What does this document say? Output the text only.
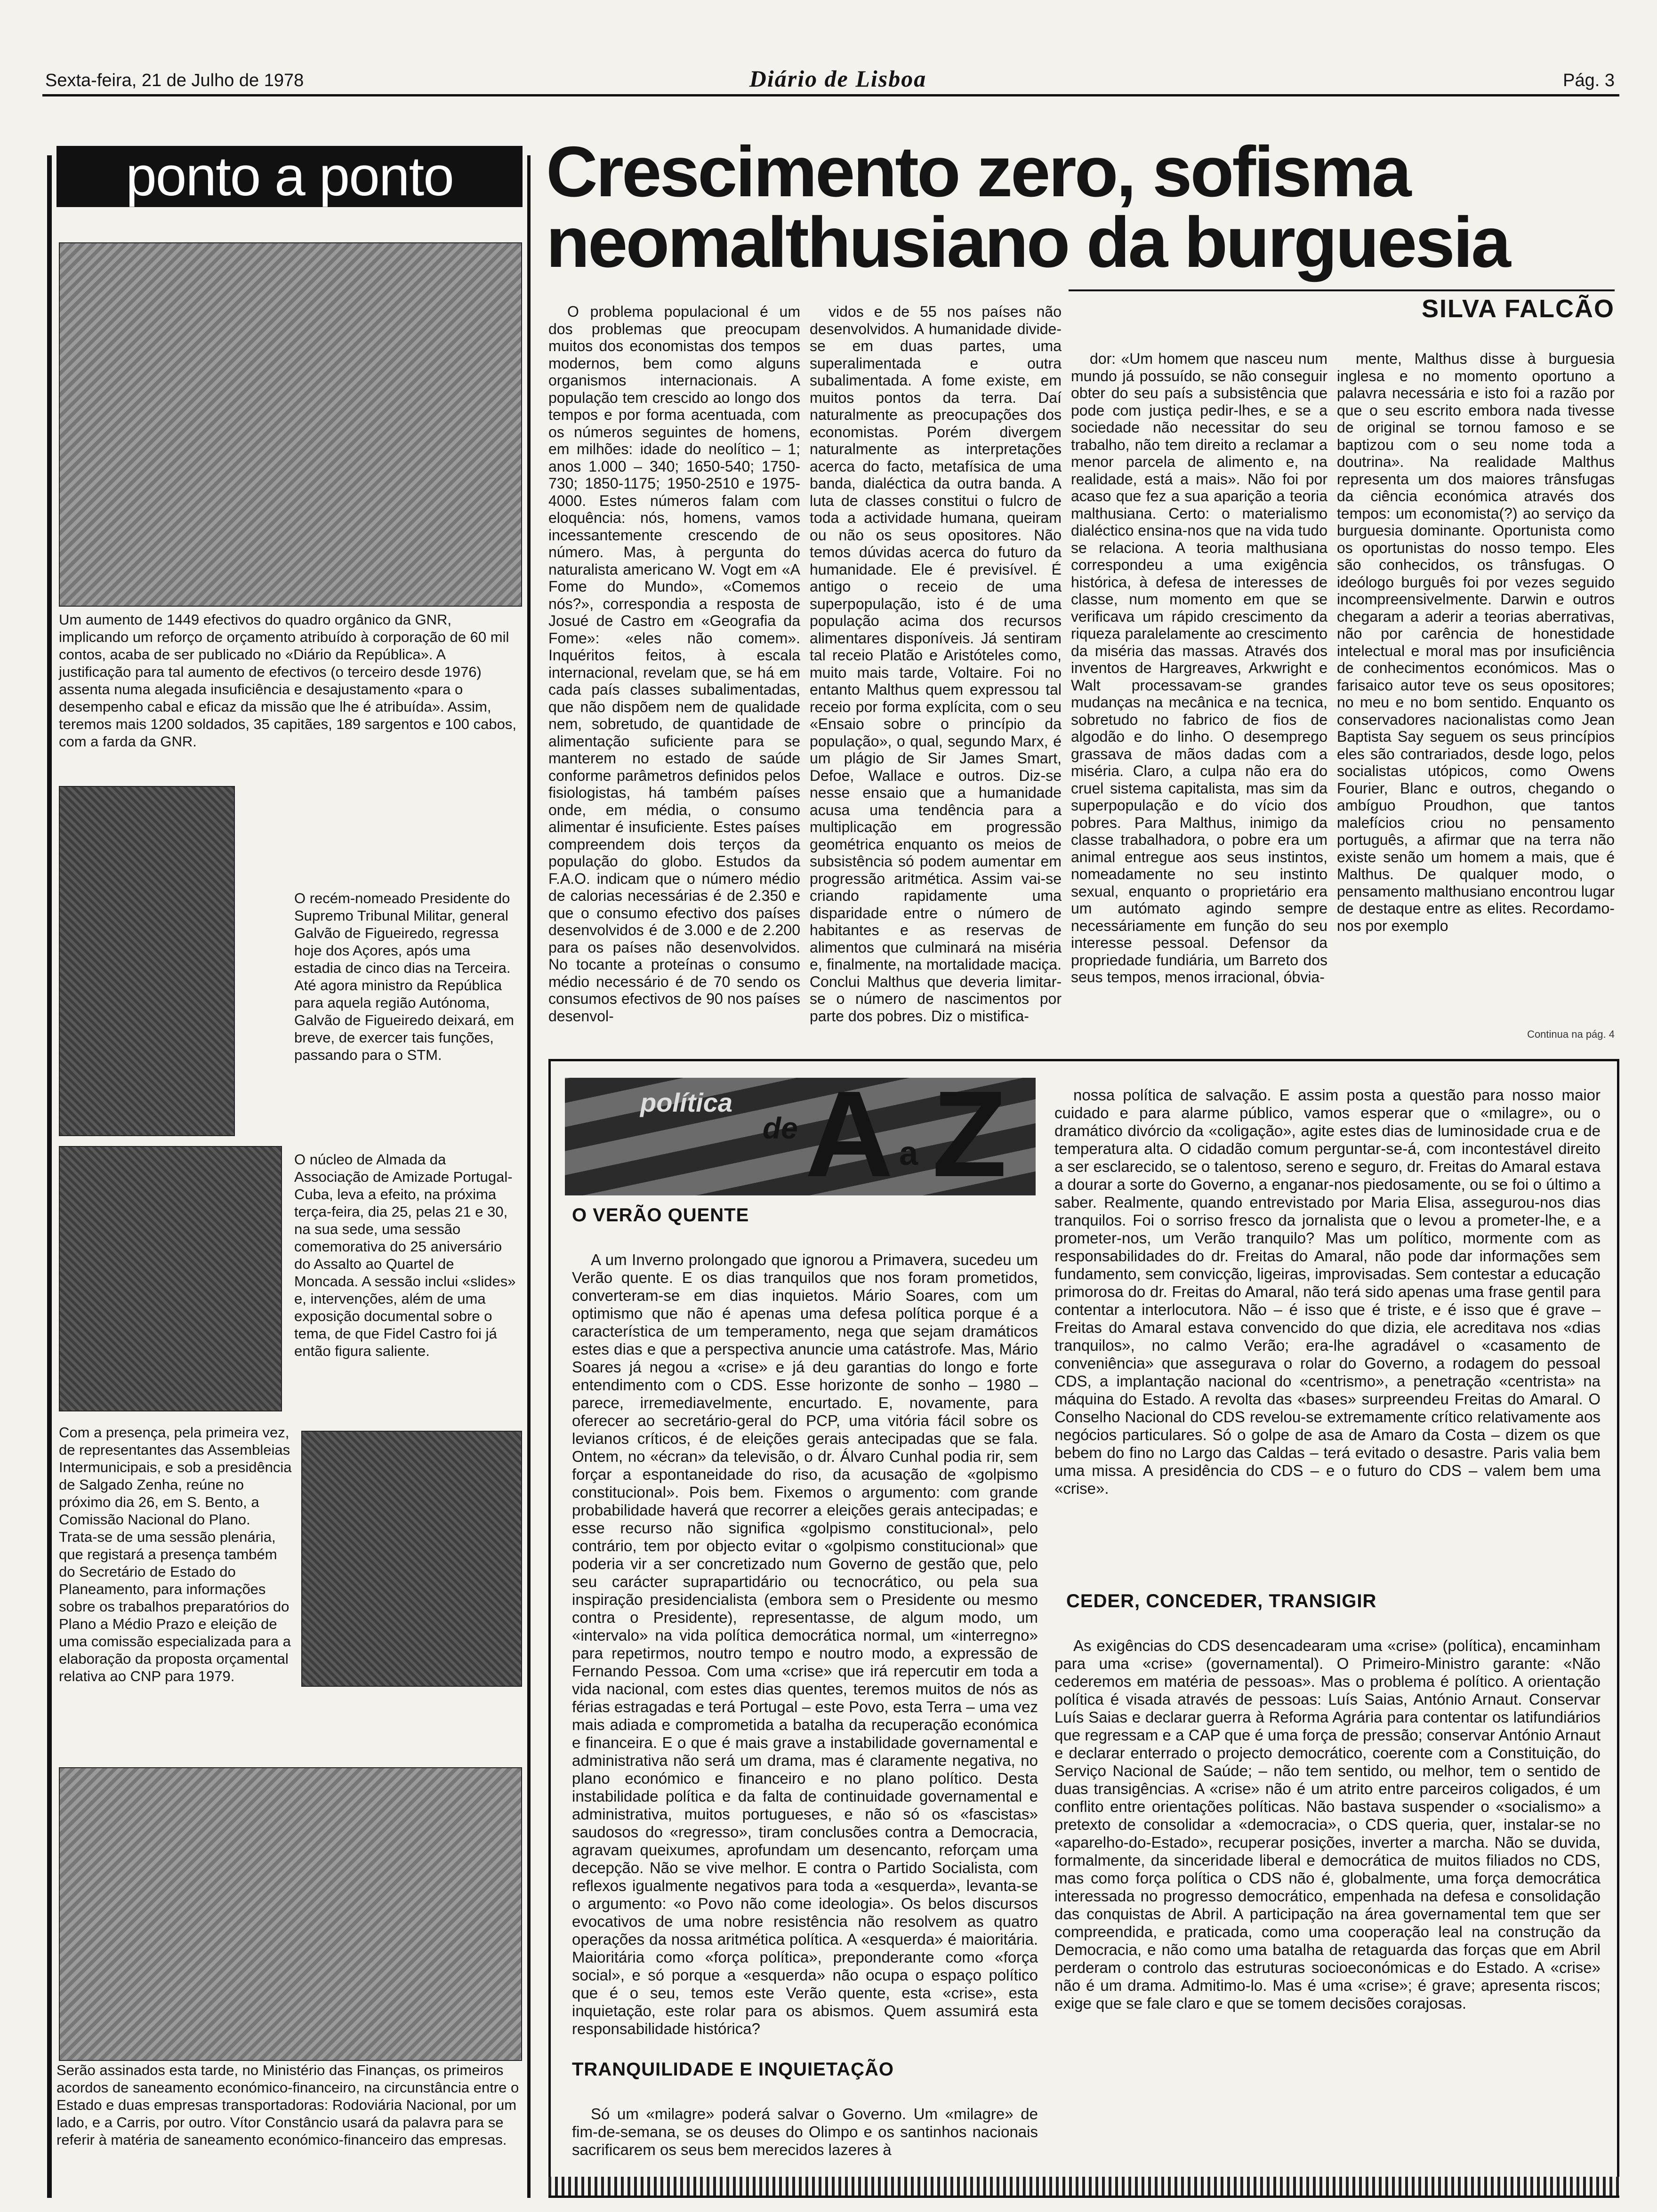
Sexta-feira, 21 de Julho de 1978	Diário de Lisboa	Pág. 3
ponto a ponto
Um aumento de 1449 efectivos do quadro orgânico da GNR, implicando um reforço de orçamento atribuído à corporação de 60 mil contos, acaba de ser publicado no «Diário da República». A justificação para tal aumento de efectivos (o terceiro desde 1976) assenta numa alegada insuficiência e desajustamento «para o desempenho cabal e eficaz da missão que lhe é atribuída». Assim, teremos mais 1200 soldados, 35 capitães, 189 sargentos e 100 cabos, com a farda da GNR.
O recém-nomeado Presidente do Supremo Tribunal Militar, general Galvão de Figueiredo, regressa hoje dos Açores, após uma estadia de cinco dias na Terceira. Até agora ministro da República para aquela região Autónoma, Galvão de Figueiredo deixará, em breve, de exercer tais funções, passando para o STM.
O núcleo de Almada da Associação de Amizade Portugal-Cuba, leva a efeito, na próxima terça-feira, dia 25, pelas 21 e 30, na sua sede, uma sessão comemorativa do 25 aniversário do Assalto ao Quartel de Moncada. A sessão inclui «slides» e, intervenções, além de uma exposição documental sobre o tema, de que Fidel Castro foi já então figura saliente.
Com a presença, pela primeira vez, de representantes das Assembleias Intermunicipais, e sob a presidência de Salgado Zenha, reúne no próximo dia 26, em S. Bento, a Comissão Nacional do Plano. Trata-se de uma sessão plenária, que registará a presença também do Secretário de Estado do Planeamento, para informações sobre os trabalhos preparatórios do Plano a Médio Prazo e eleição de uma comissão especializada para a elaboração da proposta orçamental relativa ao CNP para 1979.
Serão assinados esta tarde, no Ministério das Finanças, os primeiros acordos de saneamento económico-financeiro, na circunstância entre o Estado e duas empresas transportadoras: Rodoviária Nacional, por um lado, e a Carris, por outro. Vítor Constâncio usará da palavra para se referir à matéria de saneamento económico-financeiro das empresas.
Crescimento zero, sofisma
neomalthusiano da burguesia
SILVA FALCÃO

O problema populacional é um dos problemas que preocupam muitos dos economistas dos tempos modernos, bem como alguns organismos internacionais. A população tem crescido ao longo dos tempos e por forma acentuada, com os números seguintes de homens, em milhões: idade do neolítico – 1; anos 1.000 – 340; 1650-540; 1750-730; 1850-1175; 1950-2510 e 1975-4000. Estes números falam com eloquência: nós, homens, vamos incessantemente crescendo de número. Mas, à pergunta do naturalista americano W. Vogt em «A Fome do Mundo», «Comemos nós?», correspondia a resposta de Josué de Castro em «Geografia da Fome»: «eles não comem». Inquéritos feitos, à escala internacional, revelam que, se há em cada país classes subalimentadas, que não dispõem nem de qualidade nem, sobretudo, de quantidade de alimentação suficiente para se manterem no estado de saúde conforme parâmetros definidos pelos fisiologistas, há também países onde, em média, o consumo alimentar é insuficiente. Estes países compreendem dois terços da população do globo. Estudos da F.A.O. indicam que o número médio de calorias necessárias é de 2.350 e que o consumo efectivo dos países desenvolvidos é de 3.000 e de 2.200 para os países não desenvolvidos. No tocante a proteínas o consumo médio necessário é de 70 sendo os consumos efectivos de 90 nos países desenvol-

vidos e de 55 nos países não desenvolvidos. A humanidade divide-se em duas partes, uma superalimentada e outra subalimentada. A fome existe, em muitos pontos da terra. Daí naturalmente as preocupações dos economistas. Porém divergem naturalmente as interpretações acerca do facto, metafísica de uma banda, dialéctica da outra banda. A luta de classes constitui o fulcro de toda a actividade humana, queiram ou não os seus opositores. Não temos dúvidas acerca do futuro da humanidade. Ele é previsível. É antigo o receio de uma superpopulação, isto é de uma população acima dos recursos alimentares disponíveis. Já sentiram tal receio Platão e Aristóteles como, muito mais tarde, Voltaire. Foi no entanto Malthus quem expressou tal receio por forma explícita, com o seu «Ensaio sobre o princípio da população», o qual, segundo Marx, é um plágio de Sir James Smart, Defoe, Wallace e outros. Diz-se nesse ensaio que a humanidade acusa uma tendência para a multiplicação em progressão geométrica enquanto os meios de subsistência só podem aumentar em progressão aritmética. Assim vai-se criando rapidamente uma disparidade entre o número de habitantes e as reservas de alimentos que culminará na miséria e, finalmente, na mortalidade maciça. Conclui Malthus que deveria limitar-se o número de nascimentos por parte dos pobres. Diz o mistifica-

dor: «Um homem que nasceu num mundo já possuído, se não conseguir obter do seu país a subsistência que pode com justiça pedir-lhes, e se a sociedade não necessitar do seu trabalho, não tem direito a reclamar a menor parcela de alimento e, na realidade, está a mais». Não foi por acaso que fez a sua aparição a teoria malthusiana. Certo: o materialismo dialéctico ensina-nos que na vida tudo se relaciona. A teoria malthusiana correspondeu a uma exigência histórica, à defesa de interesses de classe, num momento em que se verificava um rápido crescimento da riqueza paralelamente ao crescimento da miséria das massas. Através dos inventos de Hargreaves, Arkwright e Walt processavam-se grandes mudanças na mecânica e na tecnica, sobretudo no fabrico de fios de algodão e do linho. O desemprego grassava de mãos dadas com a miséria. Claro, a culpa não era do cruel sistema capitalista, mas sim da superpopulação e do vício dos pobres. Para Malthus, inimigo da classe trabalhadora, o pobre era um animal entregue aos seus instintos, nomeadamente no seu instinto sexual, enquanto o proprietário era um autómato agindo sempre necessáriamente em função do seu interesse pessoal. Defensor da propriedade fundiária, um Barreto dos seus tempos, menos irracional, óbvia-

mente, Malthus disse à burguesia inglesa e no momento oportuno a palavra necessária e isto foi a razão por que o seu escrito embora nada tivesse de original se tornou famoso e se baptizou com o seu nome toda a doutrina». Na realidade Malthus representa um dos maiores trânsfugas da ciência económica através dos tempos: um economista(?) ao serviço da burguesia dominante. Oportunista como os oportunistas do nosso tempo. Eles são conhecidos, os trânsfugas. O ideólogo burguês foi por vezes seguido incompreensivelmente. Darwin e outros chegaram a aderir a teorias aberrativas, não por carência de honestidade intelectual e moral mas por insuficiência de conhecimentos económicos. Mas o farisaico autor teve os seus opositores; no meu e no bom sentido. Enquanto os conservadores nacionalistas como Jean Baptista Say seguem os seus princípios eles são contrariados, desde logo, pelos socialistas utópicos, como Owens Fourier, Blanc e outros, chegando o ambíguo Proudhon, que tantos malefícios criou no pensamento português, a afirmar que na terra não existe senão um homem a mais, que é Malthus. De qualquer modo, o pensamento malthusiano encontrou lugar de destaque entre as elites. Recordamo-nos por exemplo

Continua na pág. 4
política
de A a Z
O VERÃO QUENTE

A um Inverno prolongado que ignorou a Primavera, sucedeu um Verão quente. E os dias tranquilos que nos foram prometidos, converteram-se em dias inquietos. Mário Soares, com um optimismo que não é apenas uma defesa política porque é a característica de um temperamento, nega que sejam dramáticos estes dias e que a perspectiva anuncie uma catástrofe. Mas, Mário Soares já negou a «crise» e já deu garantias do longo e forte entendimento com o CDS. Esse horizonte de sonho – 1980 – parece, irremediavelmente, encurtado. E, novamente, para oferecer ao secretário-geral do PCP, uma vitória fácil sobre os levianos críticos, é de eleições gerais antecipadas que se fala. Ontem, no «écran» da televisão, o dr. Álvaro Cunhal podia rir, sem forçar a espontaneidade do riso, da acusação de «golpismo constitucional». Pois bem. Fixemos o argumento: com grande probabilidade haverá que recorrer a eleições gerais antecipadas; e esse recurso não significa «golpismo constitucional», pelo contrário, tem por objecto evitar o «golpismo constitucional» que poderia vir a ser concretizado num Governo de gestão que, pelo seu carácter suprapartidário ou tecnocrático, ou pela sua inspiração presidencialista (embora sem o Presidente ou mesmo contra o Presidente), representasse, de algum modo, um «intervalo» na vida política democrática normal, um «interregno» para repetirmos, noutro tempo e noutro modo, a expressão de Fernando Pessoa. Com uma «crise» que irá repercutir em toda a vida nacional, com estes dias quentes, teremos muitos de nós as férias estragadas e terá Portugal – este Povo, esta Terra – uma vez mais adiada e comprometida a batalha da recuperação económica e financeira. E o que é mais grave a instabilidade governamental e administrativa não será um drama, mas é claramente negativa, no plano económico e financeiro e no plano político. Desta instabilidade política e da falta de continuidade governamental e administrativa, muitos portugueses, e não só os «fascistas» saudosos do «regresso», tiram conclusões contra a Democracia, agravam queixumes, aprofundam um desencanto, reforçam uma decepção. Não se vive melhor. E contra o Partido Socialista, com reflexos igualmente negativos para toda a «esquerda», levanta-se o argumento: «o Povo não come ideologia». Os belos discursos evocativos de uma nobre resistência não resolvem as quatro operações da nossa aritmética política. A «esquerda» é maioritária. Maioritária como «força política», preponderante como «força social», e só porque a «esquerda» não ocupa o espaço político que é o seu, temos este Verão quente, esta «crise», esta inquietação, este rolar para os abismos. Quem assumirá esta responsabilidade histórica?

TRANQUILIDADE E INQUIETAÇÃO

Só um «milagre» poderá salvar o Governo. Um «milagre» de fim-de-semana, se os deuses do Olimpo e os santinhos nacionais sacrificarem os seus bem merecidos lazeres à

nossa política de salvação. E assim posta a questão para nosso maior cuidado e para alarme público, vamos esperar que o «milagre», ou o dramático divórcio da «coligação», agite estes dias de luminosidade crua e de temperatura alta. O cidadão comum perguntar-se-á, com incontestável direito a ser esclarecido, se o talentoso, sereno e seguro, dr. Freitas do Amaral estava a dourar a sorte do Governo, a enganar-nos piedosamente, ou se foi o último a saber. Realmente, quando entrevistado por Maria Elisa, assegurou-nos dias tranquilos. Foi o sorriso fresco da jornalista que o levou a prometer-lhe, e a prometer-nos, um Verão tranquilo? Mas um político, mormente com as responsabilidades do dr. Freitas do Amaral, não pode dar informações sem fundamento, sem convicção, ligeiras, improvisadas. Sem contestar a educação primorosa do dr. Freitas do Amaral, não terá sido apenas uma frase gentil para contentar a interlocutora. Não – é isso que é triste, e é isso que é grave – Freitas do Amaral estava convencido do que dizia, ele acreditava nos «dias tranquilos», no calmo Verão; era-lhe agradável o «casamento de conveniência» que assegurava o rolar do Governo, a rodagem do pessoal CDS, a implantação nacional do «centrismo», a penetração «centrista» na máquina do Estado. A revolta das «bases» surpreendeu Freitas do Amaral. O Conselho Nacional do CDS revelou-se extremamente crítico relativamente aos negócios particulares. Só o golpe de asa de Amaro da Costa – dizem os que bebem do fino no Largo das Caldas – terá evitado o desastre. Paris valia bem uma missa. A presidência do CDS – e o futuro do CDS – valem bem uma «crise».

CEDER, CONCEDER, TRANSIGIR

As exigências do CDS desencadearam uma «crise» (política), encaminham para uma «crise» (governamental). O Primeiro-Ministro garante: «Não cederemos em matéria de pessoas». Mas o problema é político. A orientação política é visada através de pessoas: Luís Saias, António Arnaut. Conservar Luís Saias e declarar guerra à Reforma Agrária para contentar os latifundiários que regressam e a CAP que é uma força de pressão; conservar António Arnaut e declarar enterrado o projecto democrático, coerente com a Constituição, do Serviço Nacional de Saúde; – não tem sentido, ou melhor, tem o sentido de duas transigências. A «crise» não é um atrito entre parceiros coligados, é um conflito entre orientações políticas. Não bastava suspender o «socialismo» a pretexto de consolidar a «democracia», o CDS queria, quer, instalar-se no «aparelho-do-Estado», recuperar posições, inverter a marcha. Não se duvida, formalmente, da sinceridade liberal e democrática de muitos filiados no CDS, mas como força política o CDS não é, globalmente, uma força democrática interessada no progresso democrático, empenhada na defesa e consolidação das conquistas de Abril. A participação na área governamental tem que ser compreendida, e praticada, como uma cooperação leal na construção da Democracia, e não como uma batalha de retaguarda das forças que em Abril perderam o controlo das estruturas socioeconómicas e do Estado. A «crise» não é um drama. Admitimo-lo. Mas é uma «crise»; é grave; apresenta riscos; exige que se fale claro e que se tomem decisões corajosas.
